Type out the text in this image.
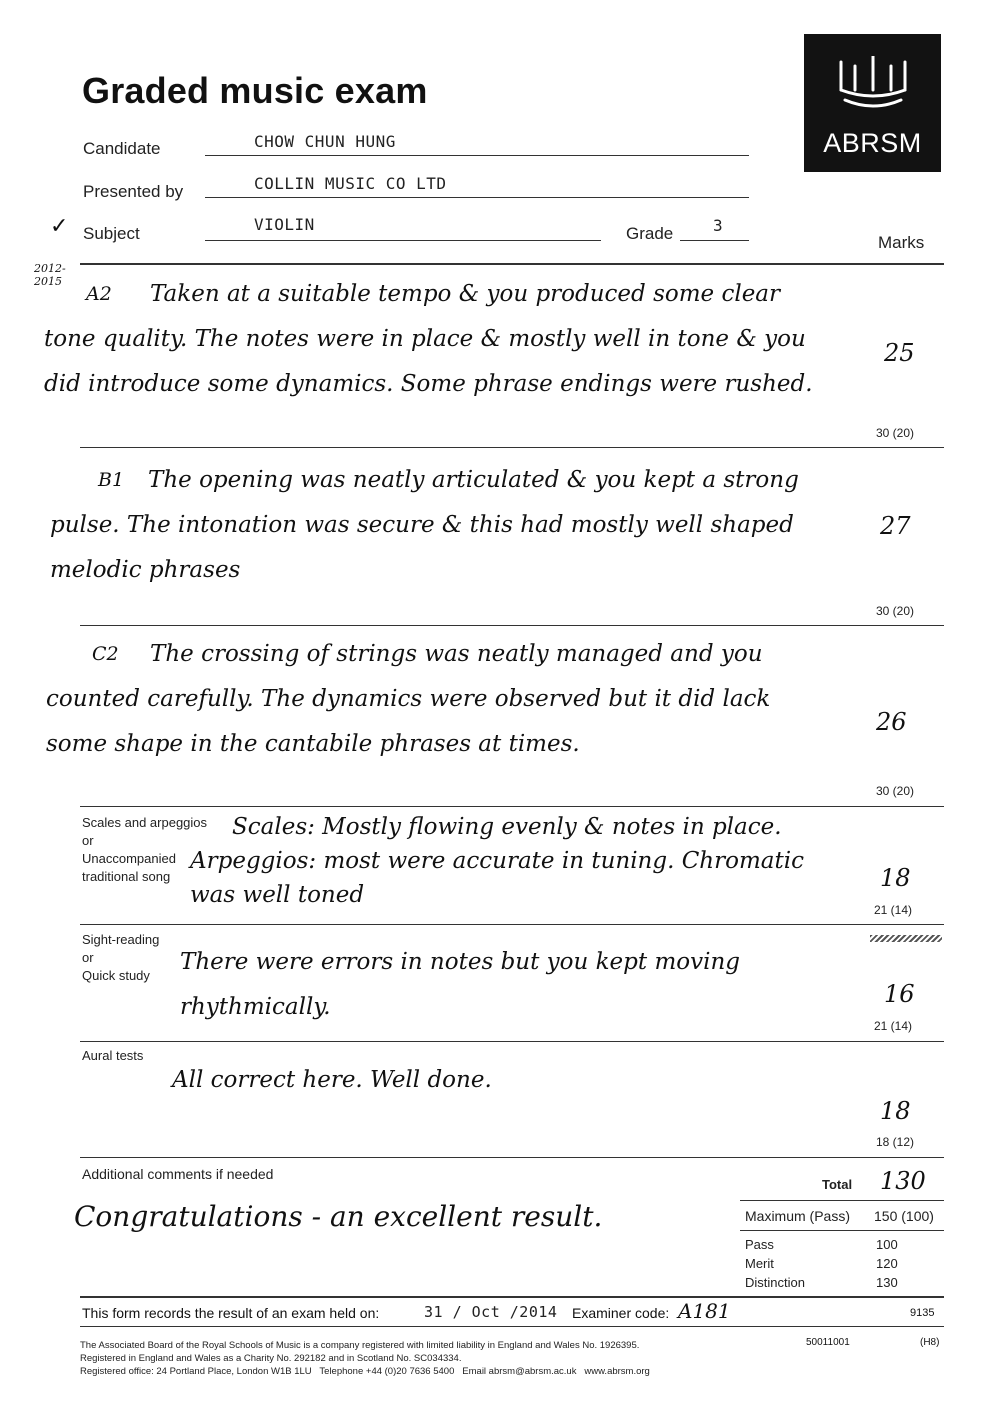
Graded music exam
ABRSM
Candidate	CHOW CHUN HUNG
Presented by	COLLIN MUSIC CO LTD
✓ Subject	VIOLIN	Grade 3
Marks
2012-
2015
A2	Taken at a suitable tempo & you produced some clear tone quality. The notes were in place & mostly well in tone & you did introduce some dynamics. Some phrase endings were rushed.
25
30 (20)
B1	The opening was neatly articulated & you kept a strong pulse. The intonation was secure & this had mostly well shaped melodic phrases
27
30 (20)
C2	The crossing of strings was neatly managed and you counted carefully. The dynamics were observed but it did lack some shape in the cantabile phrases at times.
26
30 (20)
Scales and arpeggios
or
Unaccompanied
traditional song
Scales: Mostly flowing evenly & notes in place. Arpeggios: most were accurate in tuning. Chromatic was well toned
18
21 (14)
Sight-reading
or
Quick study
There were errors in notes but you kept moving rhythmically.	16
21 (14)
Aural tests
All correct here. Well done.
18
18 (12)
Additional comments if needed
Congratulations - an excellent result.
Total 130
Maximum (Pass) 150 (100)
Pass	100
Merit	120
Distinction	130
This form records the result of an exam held on:	31 / Oct /2014 Examiner code: A181	9135
The Associated Board of the Royal Schools of Music is a company registered with limited liability in England and Wales No. 1926395.
Registered in England and Wales as a Charity No. 292182 and in Scotland No. SC034334.
Registered office: 24 Portland Place, London W1B 1LU   Telephone +44 (0)20 7636 5400   Email abrsm@abrsm.ac.uk   www.abrsm.org
50011001	(H8)
